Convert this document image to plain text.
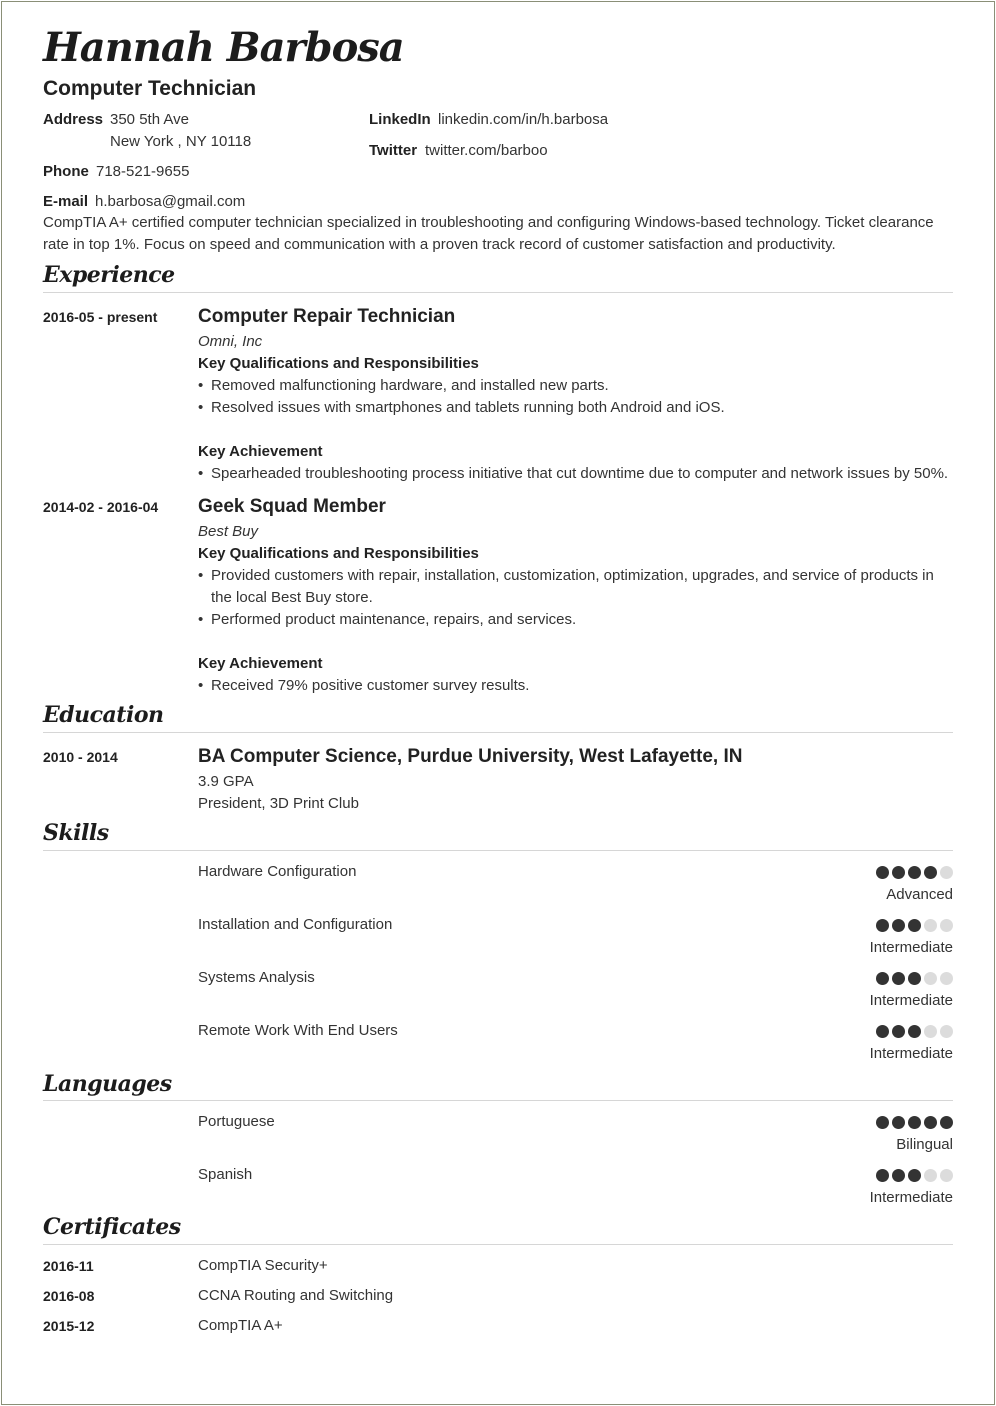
Hannah Barbosa
Computer Technician
Address 350 5th Ave
New York , NY 10118
Phone 718-521-9655
E-mail h.barbosa@gmail.com
LinkedIn linkedin.com/in/h.barbosa
Twitter twitter.com/barboo
CompTIA A+ certified computer technician specialized in troubleshooting and configuring Windows-based technology. Ticket clearance
rate in top 1%. Focus on speed and communication with a proven track record of customer satisfaction and productivity.
Experience
2016-05 - present Computer Repair Technician
Omni, Inc
Key Qualifications and Responsibilities
• Removed malfunctioning hardware, and installed new parts.
• Resolved issues with smartphones and tablets running both Android and iOS.
Key Achievement
• Spearheaded troubleshooting process initiative that cut downtime due to computer and network issues by 50%.
2014-02 - 2016-04 Geek Squad Member
Best Buy
Key Qualifications and Responsibilities
• Provided customers with repair, installation, customization, optimization, upgrades, and service of products in
the local Best Buy store.
• Performed product maintenance, repairs, and services.
Key Achievement
• Received 79% positive customer survey results.
Education
2010 - 2014	BA Computer Science, Purdue University, West Lafayette, IN
3.9 GPA
President, 3D Print Club
Skills
Hardware Configuration
Advanced
Installation and Configuration
Intermediate
Systems Analysis
Intermediate
Remote Work With End Users
Intermediate
Languages
Portuguese
Bilingual
Spanish
Intermediate
Certificates
2016-11	CompTIA Security+
2016-08	CCNA Routing and Switching
2015-12	CompTIA A+
